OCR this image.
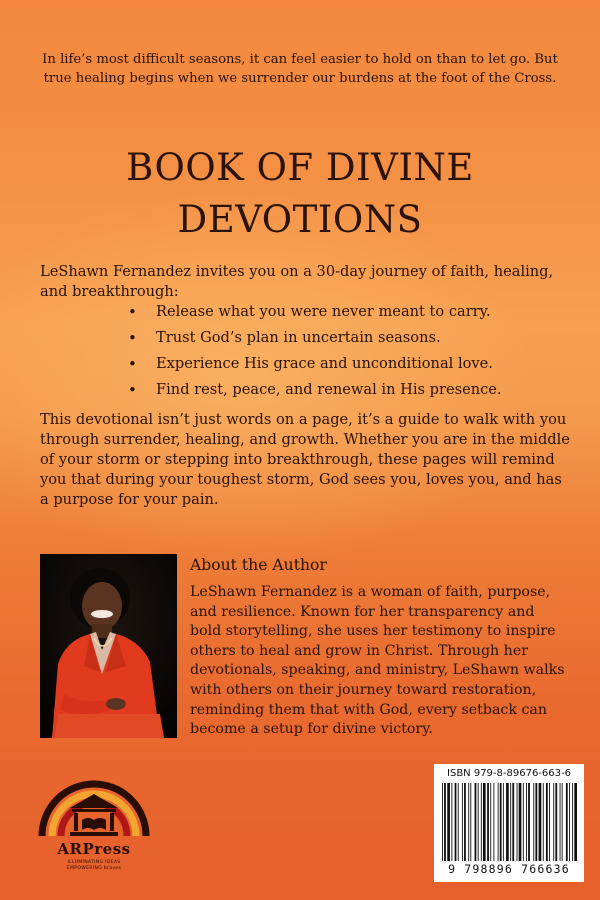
In life’s most difficult seasons, it can feel easier to hold on than to let go. But true healing begins when we surrender our burdens at the foot of the Cross.
BOOK OF DIVINE
DEVOTIONS
LeShawn Fernandez invites you on a 30-day journey of faith, healing, and breakthrough:
• Release what you were never meant to carry.
• Trust God’s plan in uncertain seasons.
• Experience His grace and unconditional love.
• Find rest, peace, and renewal in His presence.
This devotional isn’t just words on a page, it’s a guide to walk with you through surrender, healing, and growth. Whether you are in the middle of your storm or stepping into breakthrough, these pages will remind you that during your toughest storm, God sees you, loves you, and has a purpose for your pain.
About the Author
LeShawn Fernandez is a woman of faith, purpose, and resilience. Known for her transparency and bold storytelling, she uses her testimony to inspire others to heal and grow in Christ. Through her devotionals, speaking, and ministry, LeShawn walks with others on their journey toward restoration, reminding them that with God, every setback can become a setup for divine victory.
ARPress
ILLUMINATING IDEAS
EMPOWERING braves
ISBN 979-8-89676-663-6
9 798896 766636
